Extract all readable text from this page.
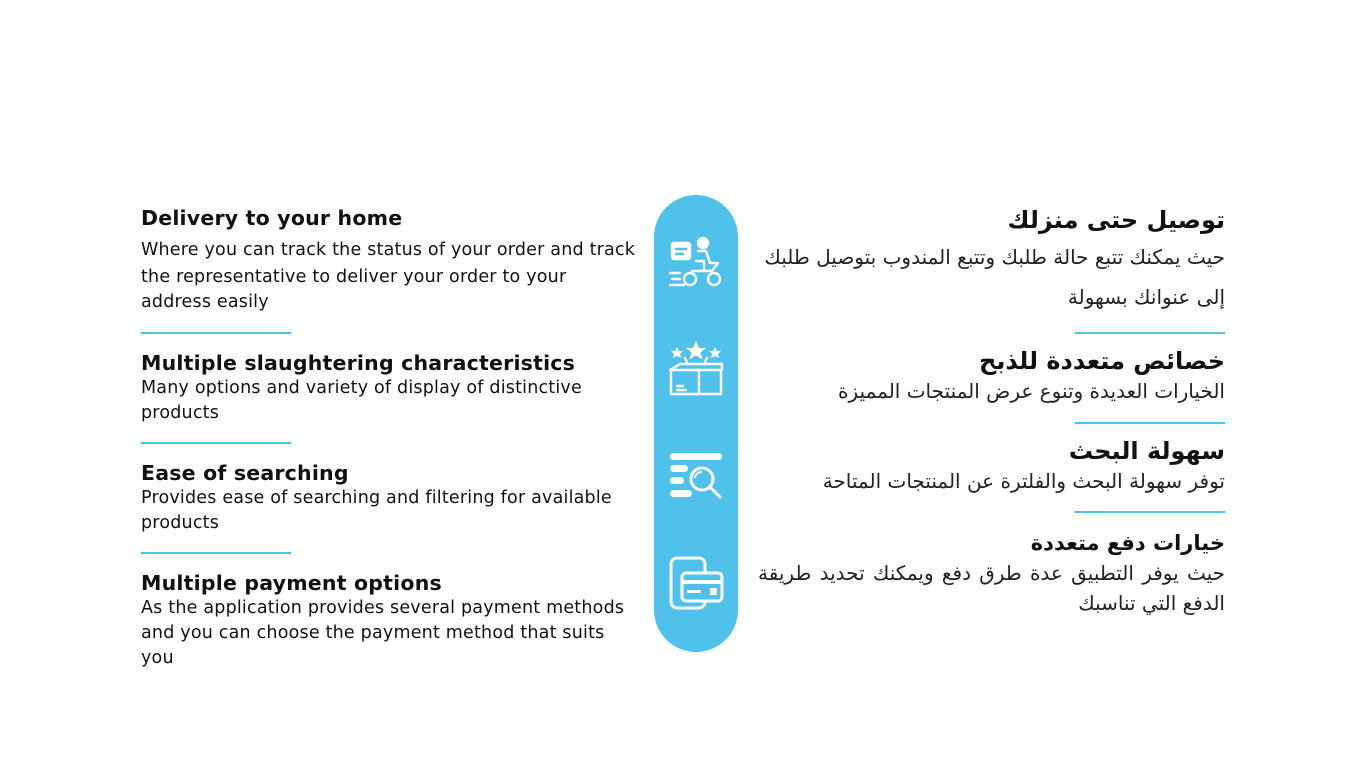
Delivery to your home

Where you can track the status of your order and track

the representative to deliver your order to your

address easily

Multiple slaughtering characteristics

Many options and variety of display of distinctive

products

Ease of searching

Provides ease of searching and filtering for available

products

Multiple payment options

As the application provides several payment methods

and you can choose the payment method that suits you

توصيل حتى منزلك

حيث يمكنك تتبع حالة طلبك وتتبع المندوب بتوصيل طلبك إلى عنوانك بسهولة

خصائص متعددة للذبح

الخيارات العديدة وتنوع عرض المنتجات المميزة

سهولة البحث

توفر سهولة البحث والفلترة عن المنتجات المتاحة

خيارات دفع متعددة

حيث يوفر التطبيق عدة طرق دفع ويمكنك تحديد طريقة الدفع التي تناسبك
